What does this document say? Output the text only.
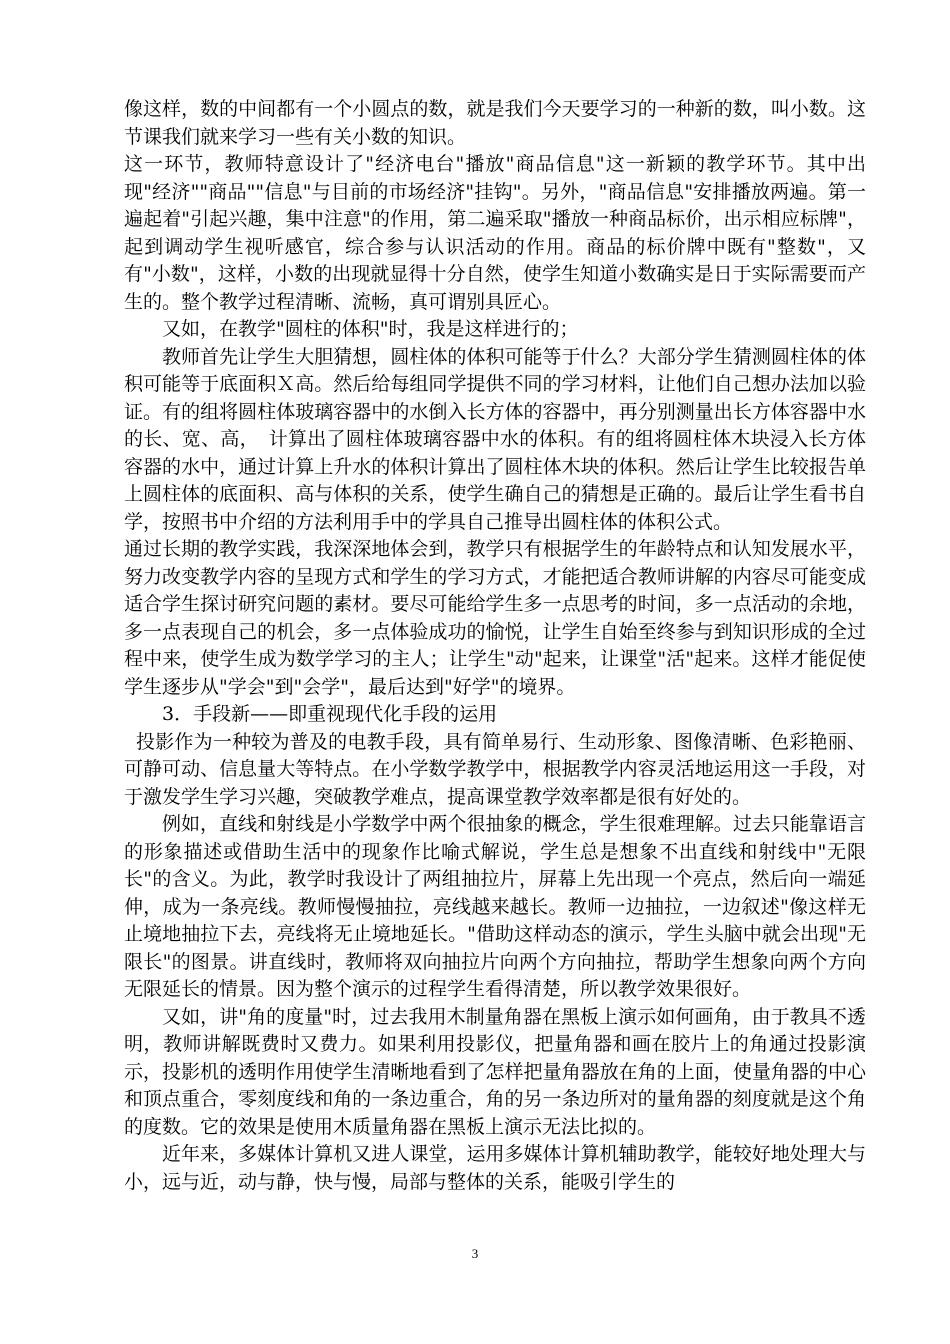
像这样，数的中间都有一个小圆点的数，就是我们今天要学习的一种新的数，叫小数。这节课我们就来学习一些有关小数的知识。

这一环节，教师特意设计了"经济电台"播放"商品信息"这一新颖的教学环节。其中出现"经济""商品""信息"与目前的市场经济"挂钩"。另外，"商品信息"安排播放两遍。第一遍起着"引起兴趣，集中注意"的作用，第二遍采取"播放一种商品标价，出示相应标牌"，起到调动学生视听感官，综合参与认识活动的作用。商品的标价牌中既有"整数"，又有"小数"，这样，小数的出现就显得十分自然，使学生知道小数确实是日于实际需要而产生的。整个教学过程清晰、流畅，真可谓别具匠心。

又如，在教学"圆柱的体积"时，我是这样进行的；

教师首先让学生大胆猜想，圆柱体的体积可能等于什么？大部分学生猜测圆柱体的体积可能等于底面积Ｘ高。然后给每组同学提供不同的学习材料，让他们自己想办法加以验证。有的组将圆柱体玻璃容器中的水倒入长方体的容器中，再分别测量出长方体容器中水的长、宽、高，　计算出了圆柱体玻璃容器中水的体积。有的组将圆柱体木块浸入长方体容器的水中，通过计算上升水的体积计算出了圆柱体木块的体积。然后让学生比较报告单上圆柱体的底面积、高与体积的关系，使学生确自己的猜想是正确的。最后让学生看书自学，按照书中介绍的方法利用手中的学具自己推导出圆柱体的体积公式。

通过长期的教学实践，我深深地体会到，教学只有根据学生的年龄特点和认知发展水平，努力改变教学内容的呈现方式和学生的学习方式，才能把适合教师讲解的内容尽可能变成适合学生探讨研究问题的素材。要尽可能给学生多一点思考的时间，多一点活动的余地，多一点表现自己的机会，多一点体验成功的愉悦，让学生自始至终参与到知识形成的全过程中来，使学生成为数学学习的主人；让学生"动"起来，让课堂"活"起来。这样才能促使学生逐步从"学会"到"会学"，最后达到"好学"的境界。

3．手段新——即重视现代化手段的运用

投影作为一种较为普及的电教手段，具有简单易行、生动形象、图像清晰、色彩艳丽、可静可动、信息量大等特点。在小学数学教学中，根据教学内容灵活地运用这一手段，对于激发学生学习兴趣，突破教学难点，提高课堂教学效率都是很有好处的。

例如，直线和射线是小学数学中两个很抽象的概念，学生很难理解。过去只能靠语言的形象描述或借助生活中的现象作比喻式解说，学生总是想象不出直线和射线中"无限长"的含义。为此，教学时我设计了两组抽拉片，屏幕上先出现一个亮点，然后向一端延伸，成为一条亮线。教师慢慢抽拉，亮线越来越长。教师一边抽拉，一边叙述"像这样无止境地抽拉下去，亮线将无止境地延长。"借助这样动态的演示，学生头脑中就会出现"无限长"的图景。讲直线时，教师将双向抽拉片向两个方向抽拉，帮助学生想象向两个方向无限延长的情景。因为整个演示的过程学生看得清楚，所以教学效果很好。

又如，讲"角的度量"时，过去我用木制量角器在黑板上演示如何画角，由于教具不透明，教师讲解既费时又费力。如果利用投影仪，把量角器和画在胶片上的角通过投影演示，投影机的透明作用使学生清晰地看到了怎样把量角器放在角的上面，使量角器的中心和顶点重合，零刻度线和角的一条边重合，角的另一条边所对的量角器的刻度就是这个角的度数。它的效果是使用木质量角器在黑板上演示无法比拟的。

近年来，多媒体计算机又进人课堂，运用多媒体计算机辅助教学，能较好地处理大与小，远与近，动与静，快与慢，局部与整体的关系，能吸引学生的

3
